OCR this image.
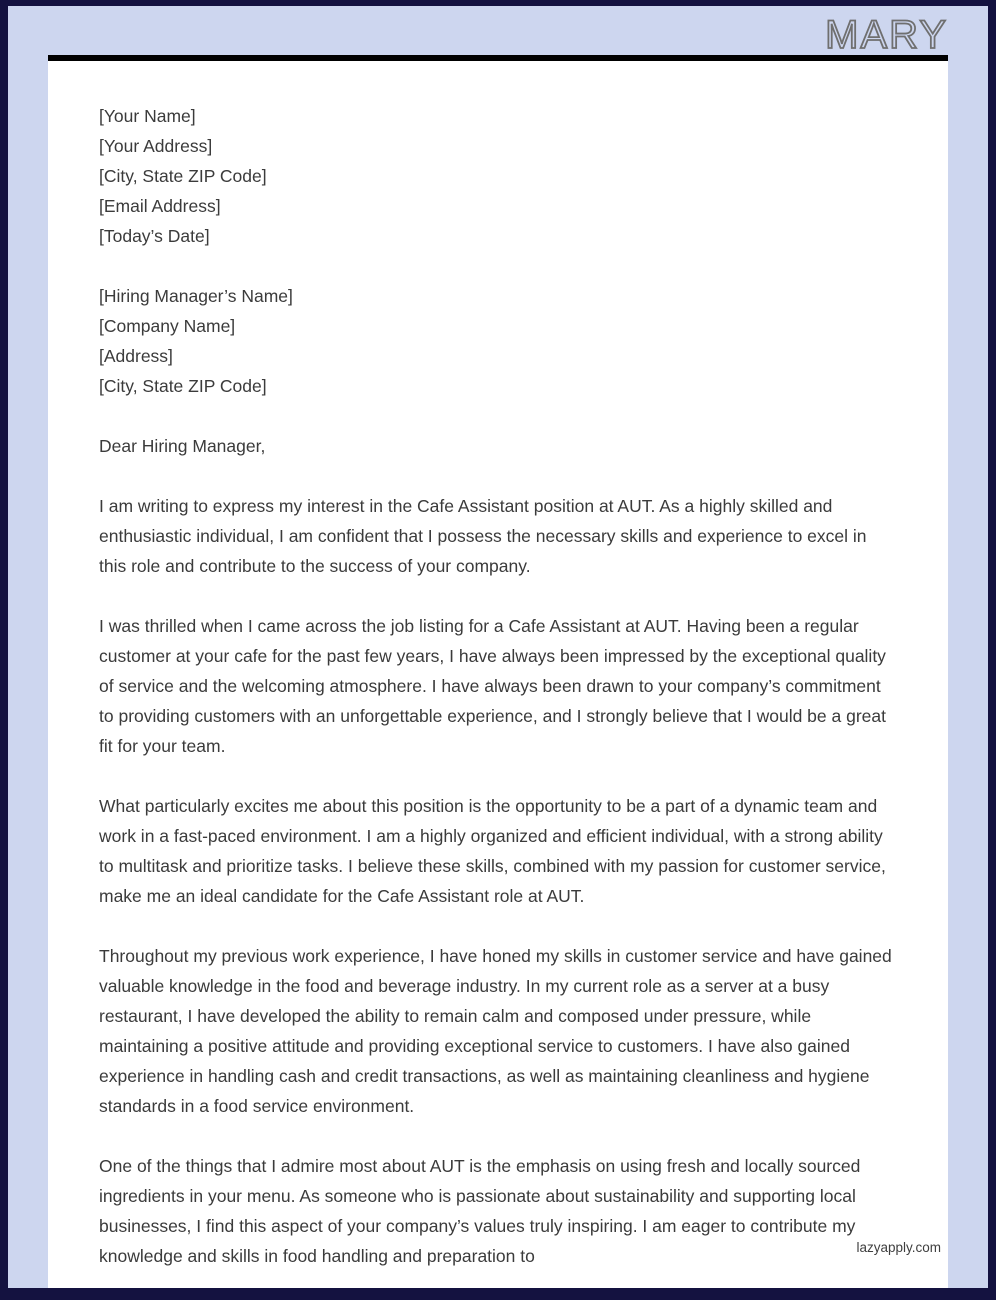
MARY
[Your Name]
[Your Address]
[City, State ZIP Code]
[Email Address]
[Today’s Date]
[Hiring Manager’s Name]
[Company Name]
[Address]
[City, State ZIP Code]
Dear Hiring Manager,

I am writing to express my interest in the Cafe Assistant position at AUT. As a highly skilled and enthusiastic individual, I am confident that I possess the necessary skills and experience to excel in this role and contribute to the success of your company.

I was thrilled when I came across the job listing for a Cafe Assistant at AUT. Having been a regular customer at your cafe for the past few years, I have always been impressed by the exceptional quality of service and the welcoming atmosphere. I have always been drawn to your company’s commitment to providing customers with an unforgettable experience, and I strongly believe that I would be a great fit for your team.

What particularly excites me about this position is the opportunity to be a part of a dynamic team and work in a fast-paced environment. I am a highly organized and efficient individual, with a strong ability to multitask and prioritize tasks. I believe these skills, combined with my passion for customer service, make me an ideal candidate for the Cafe Assistant role at AUT.

Throughout my previous work experience, I have honed my skills in customer service and have gained valuable knowledge in the food and beverage industry. In my current role as a server at a busy restaurant, I have developed the ability to remain calm and composed under pressure, while maintaining a positive attitude and providing exceptional service to customers. I have also gained experience in handling cash and credit transactions, as well as maintaining cleanliness and hygiene standards in a food service environment.

One of the things that I admire most about AUT is the emphasis on using fresh and locally sourced ingredients in your menu. As someone who is passionate about sustainability and supporting local businesses, I find this aspect of your company’s values truly inspiring. I am eager to contribute my knowledge and skills in food handling and preparation to	lazyapply.com
